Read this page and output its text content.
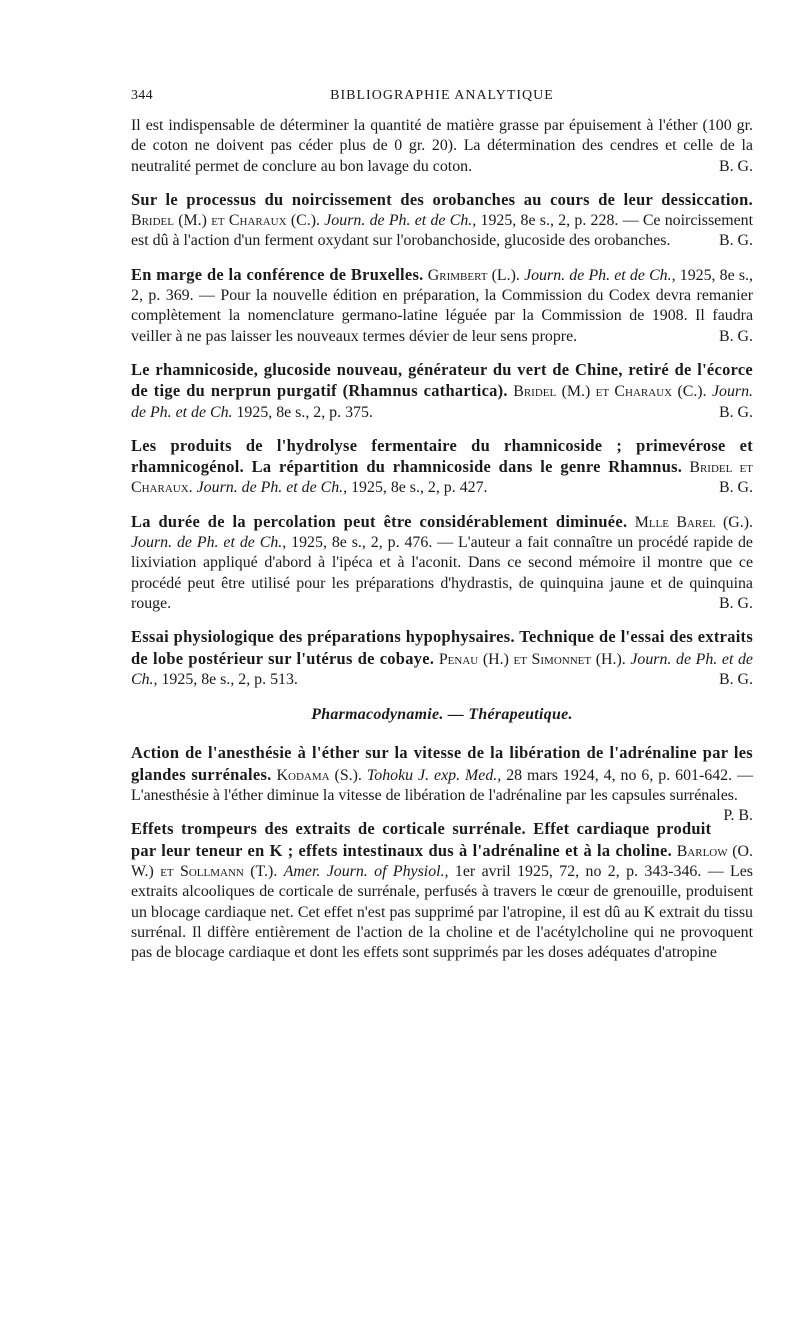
344	BIBLIOGRAPHIE ANALYTIQUE

Il est indispensable de déterminer la quantité de matière grasse par épuisement à l'éther (100 gr. de coton ne doivent pas céder plus de 0 gr. 20). La détermination des cendres et celle de la neutralité permet de conclure au bon lavage du coton.	B. G.

Sur le processus du noircissement des orobanches au cours de leur dessiccation. Bridel (M.) et Charaux (C.). Journ. de Ph. et de Ch., 1925, 8e s., 2, p. 228. — Ce noircissement est dû à l'action d'un ferment oxydant sur l'orobanchoside, glucoside des orobanches.	B. G.

En marge de la conférence de Bruxelles. Grimbert (L.). Journ. de Ph. et de Ch., 1925, 8e s., 2, p. 369. — Pour la nouvelle édition en préparation, la Commission du Codex devra remanier complètement la nomenclature germano-latine léguée par la Commission de 1908. Il faudra veiller à ne pas laisser les nouveaux termes dévier de leur sens propre.	B. G.

Le rhamnicoside, glucoside nouveau, générateur du vert de Chine, retiré de l'écorce de tige du nerprun purgatif (Rhamnus cathartica). Bridel (M.) et Charaux (C.). Journ. de Ph. et de Ch. 1925, 8e s., 2, p. 375.	B. G.

Les produits de l'hydrolyse fermentaire du rhamnicoside ; primevérose et rhamnicogénol. La répartition du rhamnicoside dans le genre Rhamnus. Bridel et Charaux. Journ. de Ph. et de Ch., 1925, 8e s., 2, p. 427.	B. G.

La durée de la percolation peut être considérablement diminuée. Mlle Barel (G.). Journ. de Ph. et de Ch., 1925, 8e s., 2, p. 476. — L'auteur a fait connaître un procédé rapide de lixiviation appliqué d'abord à l'ipéca et à l'aconit. Dans ce second mémoire il montre que ce procédé peut être utilisé pour les préparations d'hydrastis, de quinquina jaune et de quinquina rouge.	B. G.

Essai physiologique des préparations hypophysaires. Technique de l'essai des extraits de lobe postérieur sur l'utérus de cobaye. Penau (H.) et Simonnet (H.). Journ. de Ph. et de Ch., 1925, 8e s., 2, p. 513.	B. G.

Pharmacodynamie. — Thérapeutique.

Action de l'anesthésie à l'éther sur la vitesse de la libération de l'adrénaline par les glandes surrénales. Kodama (S.). Tohoku J. exp. Med., 28 mars 1924, 4, no 6, p. 601-642. — L'anesthésie à l'éther diminue la vitesse de libération de l'adrénaline par les capsules surrénales.
P. B.

Effets trompeurs des extraits de corticale surrénale. Effet cardiaque produit par leur teneur en K ; effets intestinaux dus à l'adrénaline et à la choline. Barlow (O. W.) et Sollmann (T.). Amer. Journ. of Physiol., 1er avril 1925, 72, no 2, p. 343-346. — Les extraits alcooliques de corticale de surrénale, perfusés à travers le cœur de grenouille, produisent un blocage cardiaque net. Cet effet n'est pas supprimé par l'atropine, il est dû au K extrait du tissu surrénal. Il diffère entièrement de l'action de la choline et de l'acétylcholine qui ne provoquent pas de blocage cardiaque et dont les effets sont supprimés par les doses adéquates d'atropine
